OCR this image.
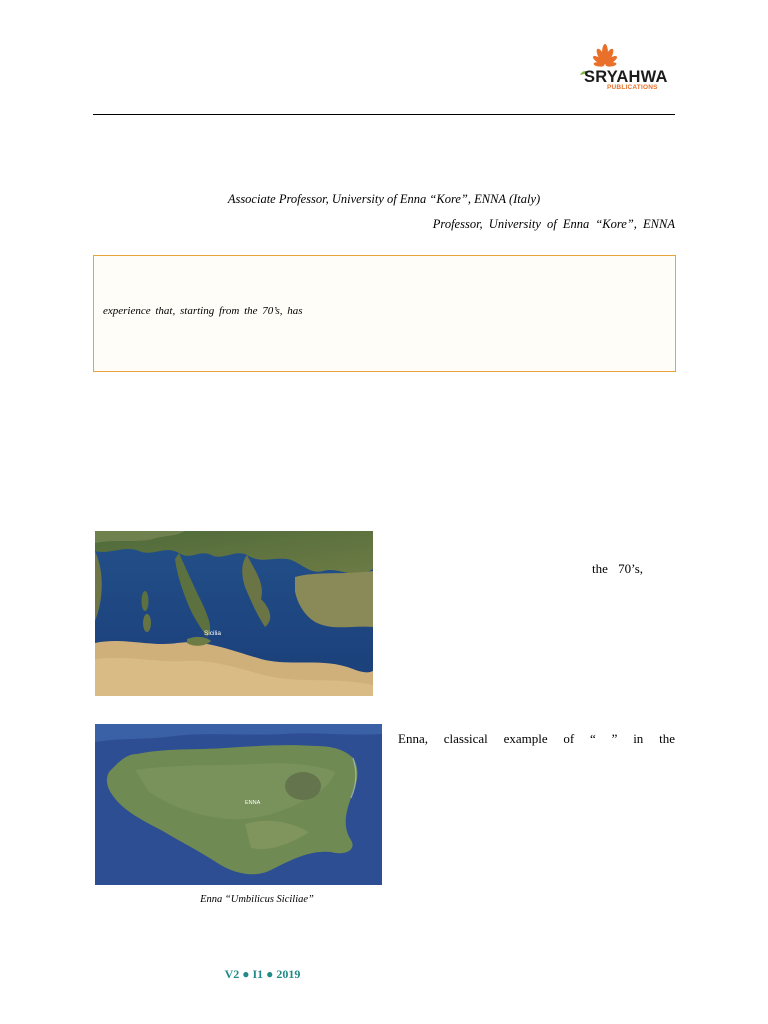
SRYAHWA
PUBLICATIONS
Associate Professor, University of Enna “Kore”, ENNA (Italy)
Professor, University of Enna “Kore”, ENNA
experience that, starting from the 70’s, has
Sicilia
the 70’s,
ENNA
Enna, classical example of “ ” in the
Enna “Umbilicus Siciliae”
V2 ● I1 ● 2019
